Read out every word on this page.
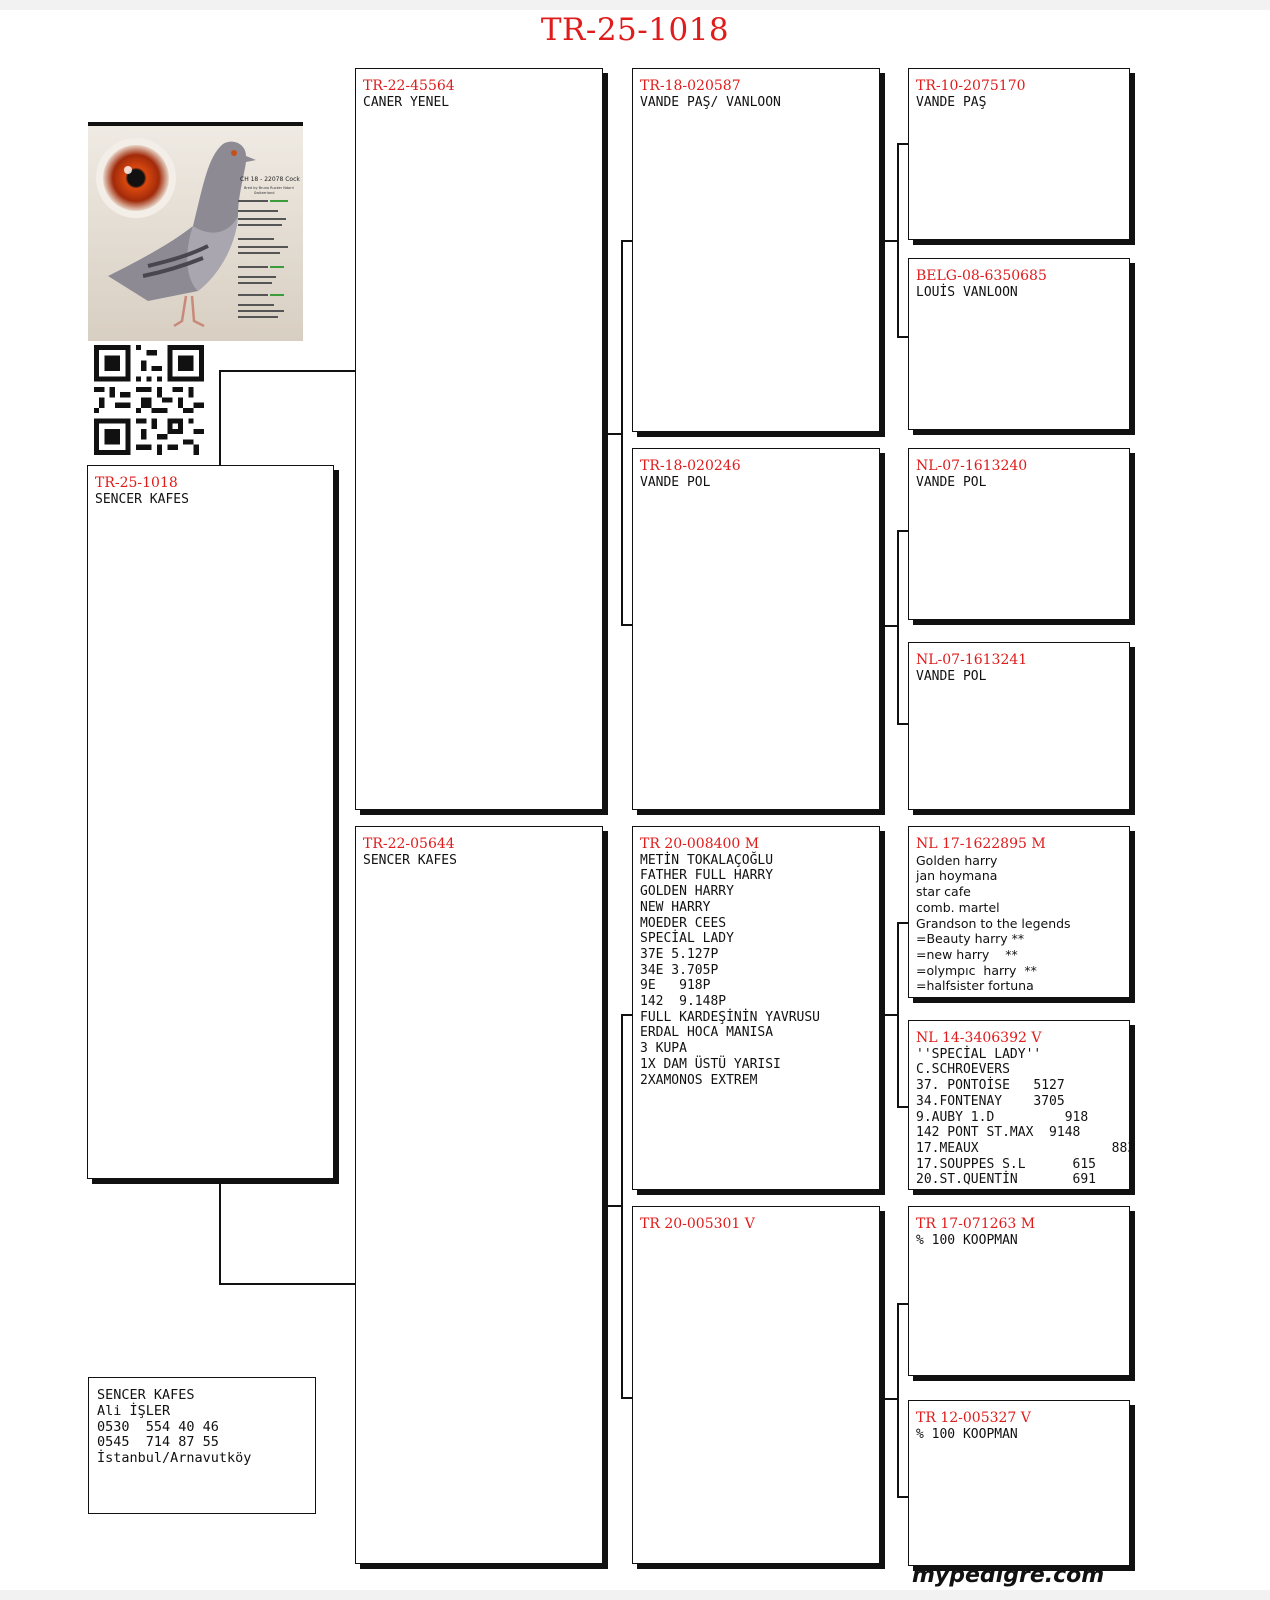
TR-25-1018
CH 18 - 22078 Cock
Bred by Bruno Rucker Ndarri
Switzerland
TR-25-1018
SENCER KAFES
TR-22-45564
CANER YENEL
TR-22-05644
SENCER KAFES
TR-18-020587
VANDE PAŞ/ VANLOON
TR-18-020246
VANDE POL
TR 20-008400 M
METİN TOKALAÇOĞLU
FATHER FULL HARRY
GOLDEN HARRY
NEW HARRY
MOEDER CEES
SPECİAL LADY
37E 5.127P
34E 3.705P
9E   918P
142  9.148P
FULL KARDEŞİNİN YAVRUSU
ERDAL HOCA MANISA
3 KUPA
1X DAM ÜSTÜ YARISI
2XAMONOS EXTREM
TR 20-005301 V
TR-10-2075170
VANDE PAŞ
BELG-08-6350685
LOUİS VANLOON
NL-07-1613240
VANDE POL
NL-07-1613241
VANDE POL
NL 17-1622895 M
Golden harry
jan hoymana
star cafe
comb. martel
Grandson to the legends
=Beauty harry **
=new harry    **
=olympıc  harry  **
=halfsister fortuna
NL 14-3406392 V
''SPECİAL LADY''
C.SCHROEVERS
37. PONTOİSE   5127
34.FONTENAY    3705
9.AUBY 1.D         918
142 PONT ST.MAX  9148
17.MEAUX                 883
17.SOUPPES S.L      615
20.ST.QUENTİN       691
TR 17-071263 M
% 100 KOOPMAN
TR 12-005327 V
% 100 KOOPMAN
SENCER KAFES
Ali İŞLER
0530  554 40 46
0545  714 87 55
İstanbul/Arnavutköy
mypedigre.com
